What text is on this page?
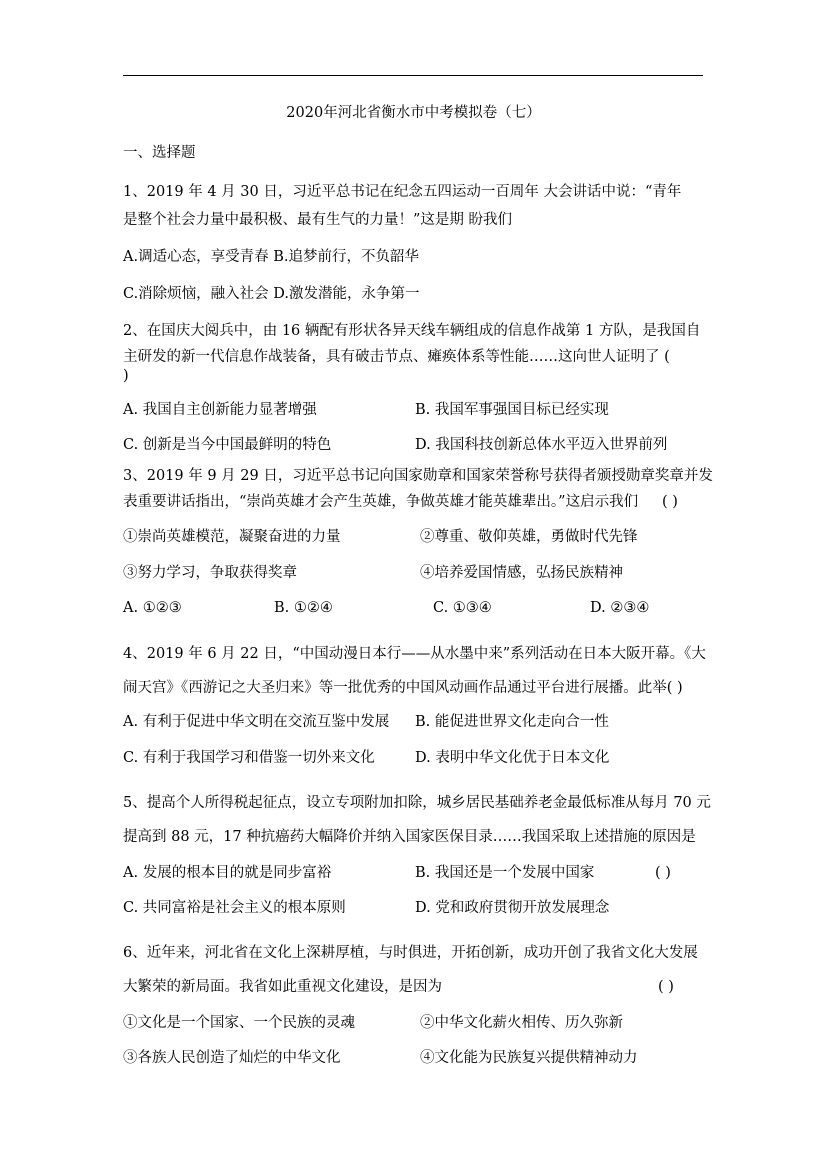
2020年河北省衡水市中考模拟卷（七）
一、选择题
1、2019 年 4 月 30 日，习近平总书记在纪念五四运动一百周年 大会讲话中说：“青年
是整个社会力量中最积极、最有生气的力量！”这是期 盼我们
A.调适心态，享受青春 B.追梦前行，不负韶华
C.消除烦恼，融入社会 D.激发潜能，永争第一
2、在国庆大阅兵中，由 16 辆配有形状各异天线车辆组成的信息作战第 1 方队，是我国自
主研发的新一代信息作战装备，具有破击节点、瘫痪体系等性能……这向世人证明了 (
)
A. 我国自主创新能力显著增强	B. 我国军事强国目标已经实现
C. 创新是当今中国最鲜明的特色	D. 我国科技创新总体水平迈入世界前列
3、2019 年 9 月 29 日，习近平总书记向国家勋章和国家荣誉称号获得者颁授勋章奖章并发
表重要讲话指出，“崇尚英雄才会产生英雄，争做英雄才能英雄辈出。”这启示我们 ( )
①崇尚英雄模范，凝聚奋进的力量	②尊重、敬仰英雄，勇做时代先锋
③努力学习，争取获得奖章	④培养爱国情感，弘扬民族精神
A. ①②③	B. ①②④	C. ①③④	D. ②③④
4、2019 年 6 月 22 日，“中国动漫日本行——从水墨中来”系列活动在日本大阪开幕。《大
闹天宫》《西游记之大圣归来》等一批优秀的中国风动画作品通过平台进行展播。此举( )
A. 有利于促进中华文明在交流互鉴中发展 B. 能促进世界文化走向合一性
C. 有利于我国学习和借鉴一切外来文化	D. 表明中华文化优于日本文化
5、提高个人所得税起征点，设立专项附加扣除，城乡居民基础养老金最低标准从每月 70 元
提高到 88 元，17 种抗癌药大幅降价并纳入国家医保目录……我国采取上述措施的原因是
A. 发展的根本目的就是同步富裕	B. 我国还是一个发展中国家	( )
C. 共同富裕是社会主义的根本原则	D. 党和政府贯彻开放发展理念
6、近年来，河北省在文化上深耕厚植，与时俱进，开拓创新，成功开创了我省文化大发展
大繁荣的新局面。我省如此重视文化建设，是因为	( )
①文化是一个国家、一个民族的灵魂	②中华文化薪火相传、历久弥新
③各族人民创造了灿烂的中华文化	④文化能为民族复兴提供精神动力
